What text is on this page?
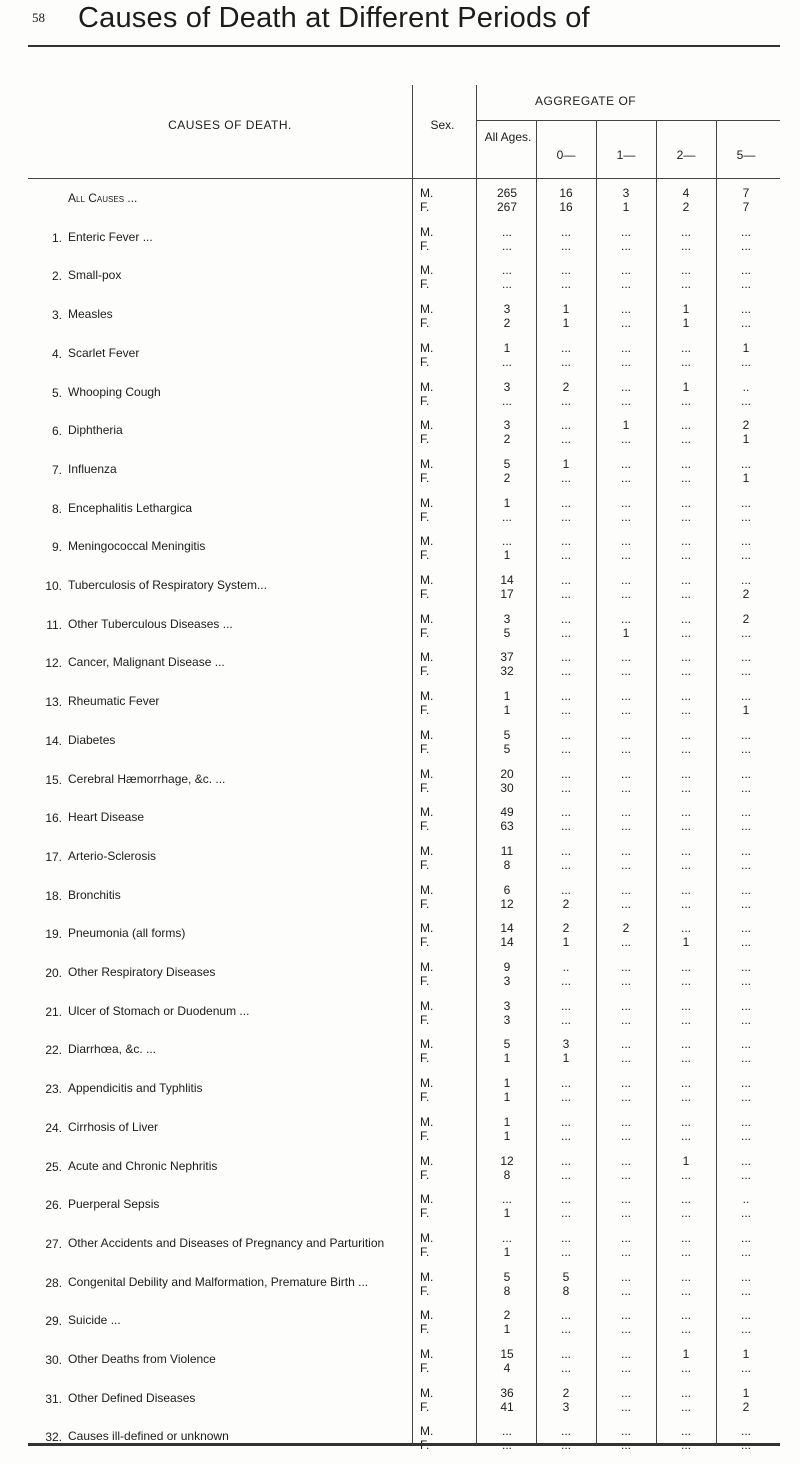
58 Causes of Death at Different Periods of
CAUSES OF DEATH.	Sex.
AGGREGATE OF
All Ages.
0—	1—	2—	5—
All Causes ...	M.	265	16	3	4	7
F.	267	16	1	2	7
1. Enteric Fever ...	M.	...	...	...	...	...
F.	...	...	...	...	...
2. Small-pox	M.	...	...	...	...	...
F.	...	...	...	...	...
3. Measles	M.	3	1	...	1	...
F.	2	1	...	1	...
4. Scarlet Fever	M.	1	...	...	...	1
F.	...	...	...	...	...
5. Whooping Cough	M.	3	2	...	1	..
F.	...	...	...	...	...
6. Diphtheria	M.	3	...	1	...	2
F.	2	...	...	...	1
7. Influenza	M.	5	1	...	...	...
F.	2	...	...	...	1
8. Encephalitis Lethargica	M.	1	...	...	...	...
F.	...	...	...	...	...
9. Meningococcal Meningitis	M.	...	...	...	...	...
F.	1	...	...	...	...
10. Tuberculosis of Respiratory System...	M.	14	...	...	...	...
F.	17	...	...	...	2
11. Other Tuberculous Diseases ...	M.	3	...	...	...	2
F.	5	...	1	...	...
12. Cancer, Malignant Disease ...	M.	37	...	...	...	...
F.	32	...	...	...	...
13. Rheumatic Fever	M.	1	...	...	...	...
F.	1	...	...	...	1
14. Diabetes	M.	5	...	...	...	...
F.	5	...	...	...	...
15. Cerebral Hæmorrhage, &c. ...	M.	20	...	...	...	...
F.	30	...	...	...	...
16. Heart Disease	M.	49	...	...	...	...
F.	63	...	...	...	...
17. Arterio-Sclerosis	M.	11	...	...	...	...
F.	8	...	...	...	...
18. Bronchitis	M.	6	...	...	...	...
F.	12	2	...	...	...
19. Pneumonia (all forms)	M.	14	2	2	...	...
F.	14	1	...	1	...
20. Other Respiratory Diseases	M.	9	..	...	...	...
F.	3	...	...	...	...
21. Ulcer of Stomach or Duodenum ...	M.	3	...	...	...	...
F.	3	...	...	...	...
22. Diarrhœa, &c. ...	M.	5	3	...	...	...
F.	1	1	...	...	...
23. Appendicitis and Typhlitis	M.	1	...	...	...	...
F.	1	...	...	...	...
24. Cirrhosis of Liver	M.	1	...	...	...	...
F.	1	...	...	...	...
25. Acute and Chronic Nephritis	M.	12	...	...	1	...
F.	8	...	...	...	...
26. Puerperal Sepsis	M.	...	...	...	...	..
F.	1	...	...	...	...
27. Other Accidents and Diseases of Pregnancy and Parturition	M.	...	...	...	...	...
F.	1	...	...	...	...
28. Congenital Debility and Malformation, Premature Birth ...	M.	5	5	...	...	...
F.	8	8	...	...	...
29. Suicide ...	M.	2	...	...	...	...
F.	1	...	...	...	...
30. Other Deaths from Violence	M.	15	...	...	1	1
F.	4	...	...	...	...
31. Other Defined Diseases	M.	36	2	...	...	1
F.	41	3	...	...	2
32. Causes ill-defined or unknown	M.	...	...	...	...	...
F.	...	...	...	...	...
